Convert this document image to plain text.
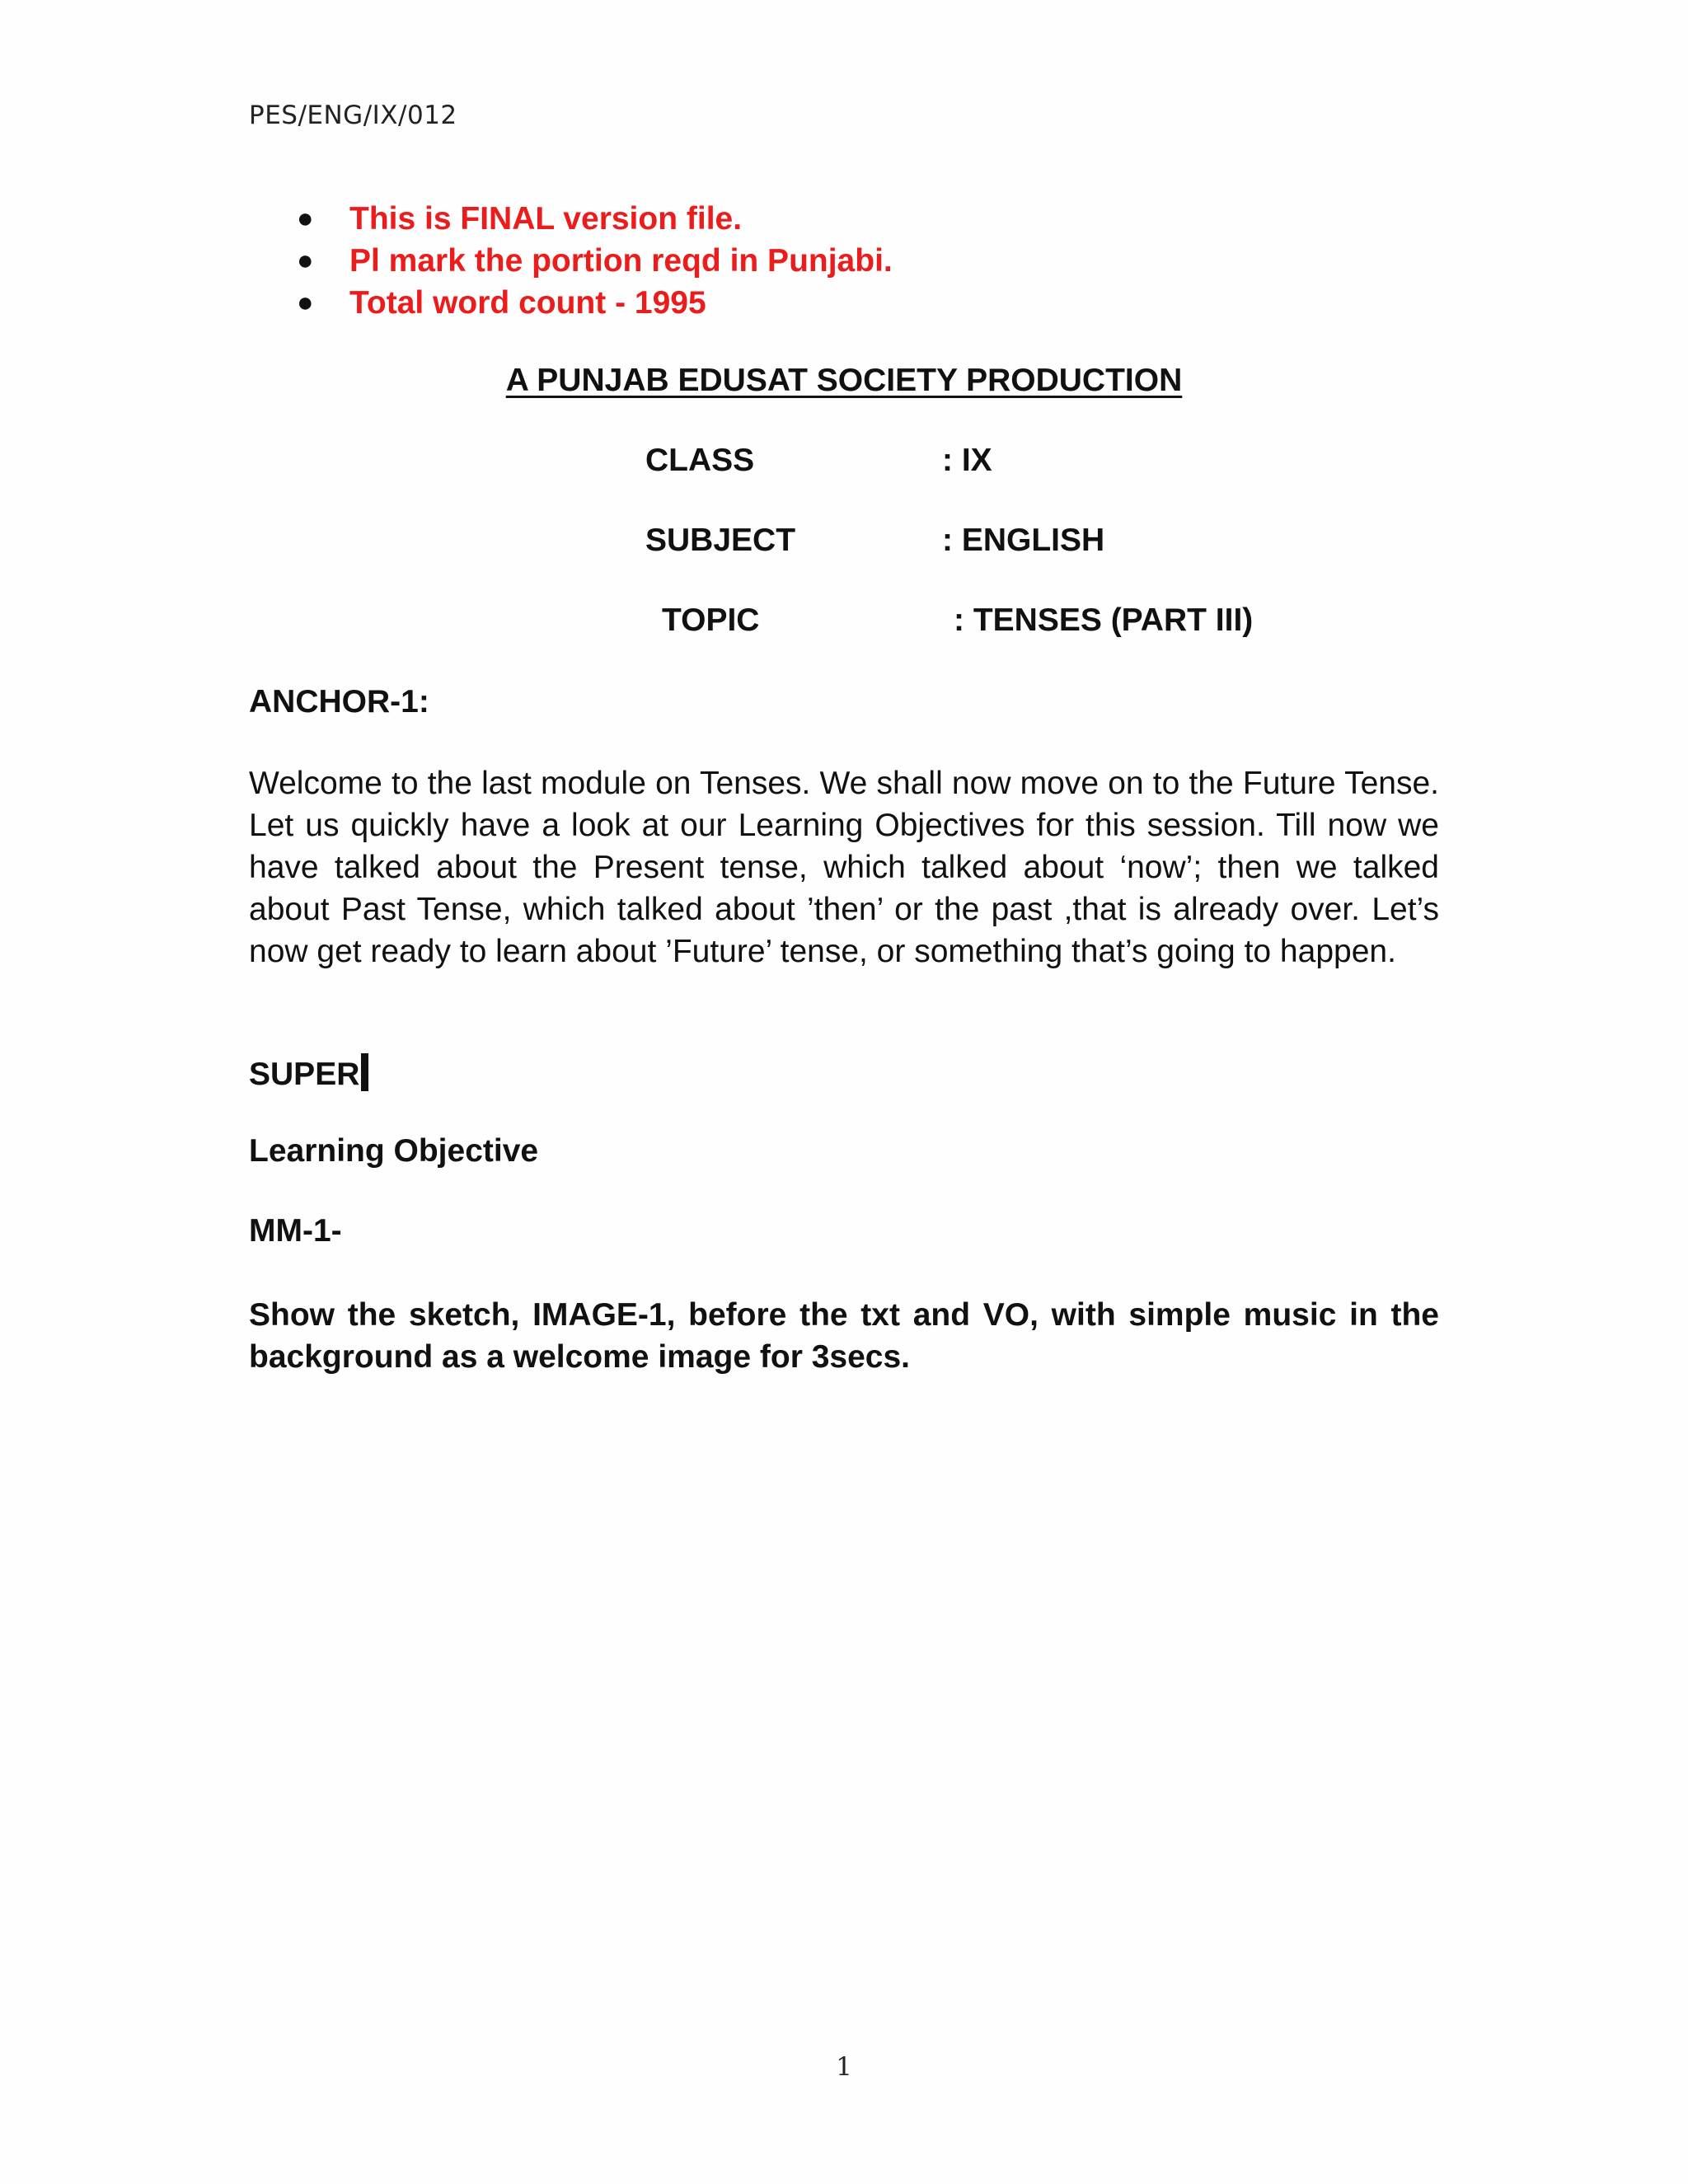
PES/ENG/IX/012
● This is FINAL version file.
● Pl mark the portion reqd in Punjabi.
● Total word count - 1995
A PUNJAB EDUSAT SOCIETY PRODUCTION
CLASS	: IX
SUBJECT	: ENGLISH
TOPIC	: TENSES (PART III)
ANCHOR-1:

Welcome to the last module on Tenses. We shall now move on to the Future Tense. Let us quickly have a look at our Learning Objectives for this session. Till now we have talked about the Present tense, which talked about ‘now’; then we talked about Past Tense, which talked about ’then’ or the past ,that is already over. Let’s now get ready to learn about ’Future’ tense, or something that’s going to happen.

SUPER
Learning Objective
MM-1-

Show the sketch, IMAGE-1, before the txt and VO, with simple music in the background as a welcome image for 3secs.

1
